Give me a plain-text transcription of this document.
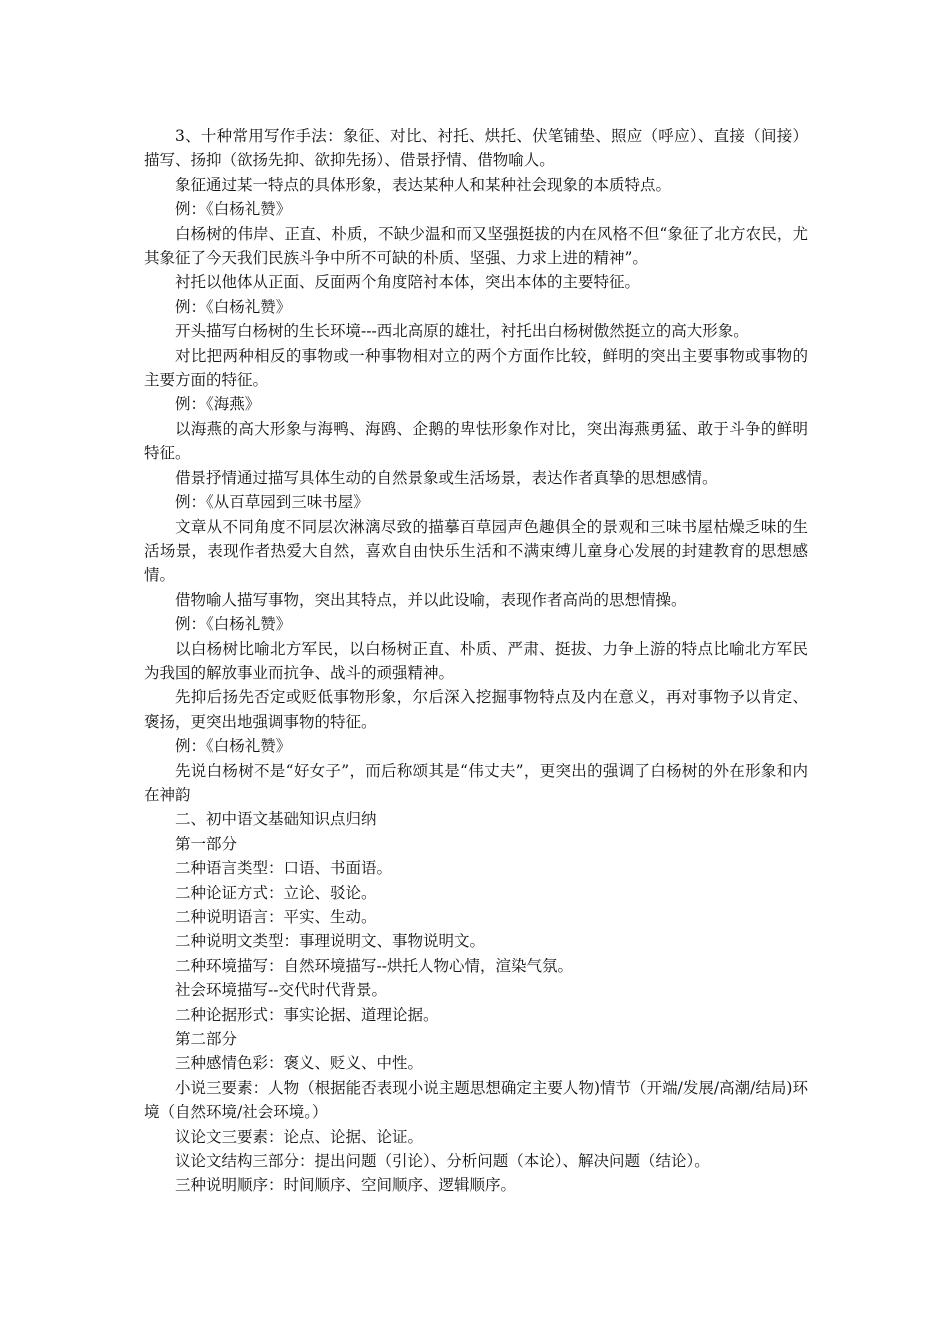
3、十种常用写作手法：象征、对比、衬托、烘托、伏笔铺垫、照应（呼应）、直接（间接）描写、扬抑（欲扬先抑、欲抑先扬）、借景抒情、借物喻人。

象征通过某一特点的具体形象，表达某种人和某种社会现象的本质特点。

例：《白杨礼赞》

白杨树的伟岸、正直、朴质，不缺少温和而又坚强挺拔的内在风格不但“象征了北方农民，尤其象征了今天我们民族斗争中所不可缺的朴质、坚强、力求上进的精神”。

衬托以他体从正面、反面两个角度陪衬本体，突出本体的主要特征。

例：《白杨礼赞》

开头描写白杨树的生长环境---西北高原的雄壮，衬托出白杨树傲然挺立的高大形象。

对比把两种相反的事物或一种事物相对立的两个方面作比较，鲜明的突出主要事物或事物的主要方面的特征。

例：《海燕》

以海燕的高大形象与海鸭、海鸥、企鹅的卑怯形象作对比，突出海燕勇猛、敢于斗争的鲜明特征。

借景抒情通过描写具体生动的自然景象或生活场景，表达作者真挚的思想感情。

例：《从百草园到三味书屋》

文章从不同角度不同层次淋漓尽致的描摹百草园声色趣俱全的景观和三味书屋枯燥乏味的生活场景，表现作者热爱大自然，喜欢自由快乐生活和不满束缚儿童身心发展的封建教育的思想感情。

借物喻人描写事物，突出其特点，并以此设喻，表现作者高尚的思想情操。

例：《白杨礼赞》

以白杨树比喻北方军民，以白杨树正直、朴质、严肃、挺拔、力争上游的特点比喻北方军民为我国的解放事业而抗争、战斗的顽强精神。

先抑后扬先否定或贬低事物形象，尔后深入挖掘事物特点及内在意义，再对事物予以肯定、褒扬，更突出地强调事物的特征。

例：《白杨礼赞》

先说白杨树不是“好女子”，而后称颂其是“伟丈夫”，更突出的强调了白杨树的外在形象和内在神韵

二、初中语文基础知识点归纳

第一部分

二种语言类型：口语、书面语。

二种论证方式：立论、驳论。

二种说明语言：平实、生动。

二种说明文类型：事理说明文、事物说明文。

二种环境描写：自然环境描写--烘托人物心情，渲染气氛。

社会环境描写--交代时代背景。

二种论据形式：事实论据、道理论据。

第二部分

三种感情色彩：褒义、贬义、中性。

小说三要素：人物（根据能否表现小说主题思想确定主要人物)情节（开端/发展/高潮/结局)环境（自然环境/社会环境。）

议论文三要素：论点、论据、论证。

议论文结构三部分：提出问题（引论）、分析问题（本论）、解决问题（结论）。

三种说明顺序：时间顺序、空间顺序、逻辑顺序。
